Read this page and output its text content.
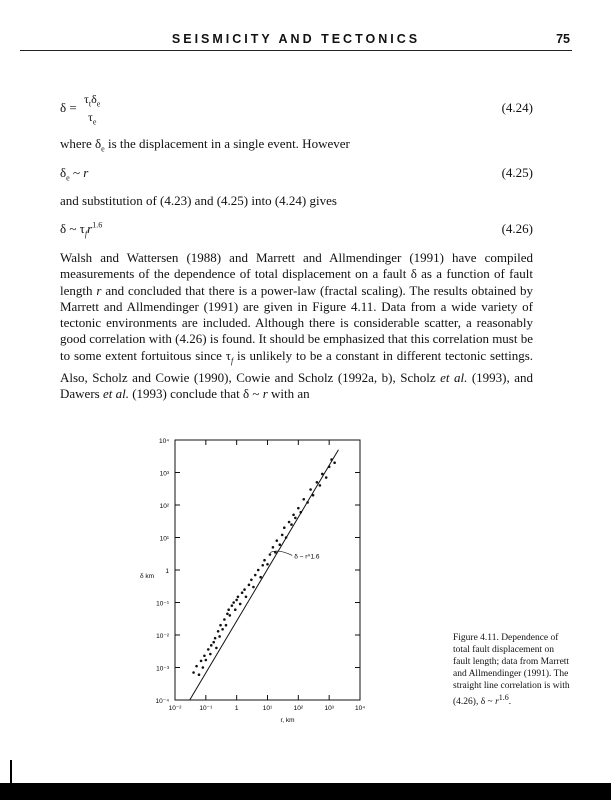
SEISMICITY AND TECTONICS	75
δ =
$\tau_t\delta_e$
$\tau_e$
(4.24)
where $\delta_e$ is the displacement in a single event. However
$\delta_e$ ~ r	(4.25)
and substitution of (4.23) and (4.25) into (4.24) gives
δ ~ $\tau_fr^{1.6}$	(4.26)
Walsh and Wattersen (1988) and Marrett and Allmendinger (1991) have compiled measurements of the dependence of total displacement on a fault δ as a function of fault length r and concluded that there is a power-law (fractal scaling). The results obtained by Marrett and Allmendinger (1991) are given in Figure 4.11. Data from a wide variety of tectonic environments are included. Although there is considerable scatter, a reasonably good correlation with (4.26) is found. It should be emphasized that this correlation must be to some extent fortuitous since $\tau_f$ is unlikely to be a constant in different tectonic settings. Also, Scholz and Cowie (1990), Cowie and Scholz (1992a, b), Scholz et al. (1993), and Dawers et al. (1993) conclude that δ ~ r with an
10⁴
10³
10²
10¹
1
10⁻¹
10⁻²
10⁻³
10⁻⁴
10⁻²	10⁻¹	1	10¹	10²	10³	10⁴
δ km
r, km
δ ~ r^1.6
Figure 4.11. Dependence of total fault displacement on fault length; data from Marrett and Allmendinger (1991). The straight line correlation is with (4.26), δ ~ $r^{1.6}$.
